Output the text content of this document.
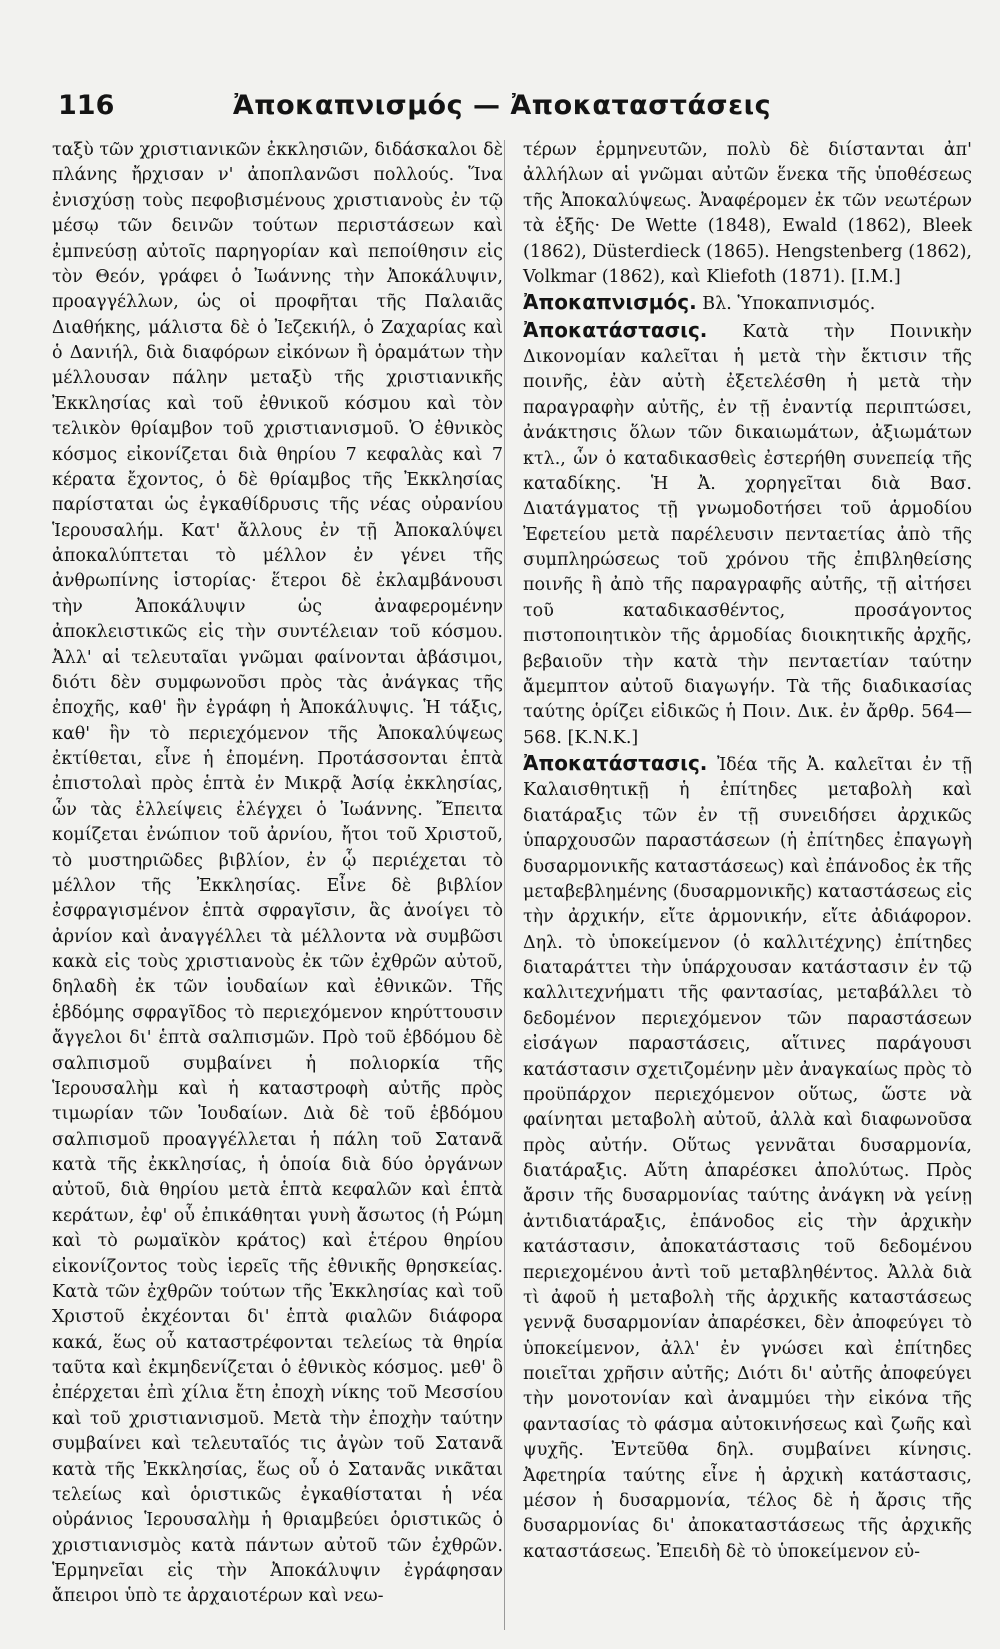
116	Ἀποκαπνισμός — Ἀποκαταστάσεις

ταξὺ τῶν χριστιανικῶν ἐκκλησιῶν, διδάσκαλοι δὲ πλάνης ἤρχισαν ν' ἀποπλανῶσι πολλούς. Ἵνα ἐνισχύσῃ τοὺς πεφοβισμένους χριστιανοὺς ἐν τῷ μέσῳ τῶν δεινῶν τούτων περιστάσεων καὶ ἐμπνεύσῃ αὐτοῖς παρηγορίαν καὶ πεποίθησιν εἰς τὸν Θεόν, γράφει ὁ Ἰωάννης τὴν Ἀποκάλυψιν, προαγγέλλων, ὡς οἱ προφῆται τῆς Παλαιᾶς Διαθήκης, μάλιστα δὲ ὁ Ἰεζεκιήλ, ὁ Ζαχαρίας καὶ ὁ Δανιήλ, διὰ διαφόρων εἰκόνων ἢ ὁραμάτων τὴν μέλλουσαν πάλην μεταξὺ τῆς χριστιανικῆς Ἐκκλησίας καὶ τοῦ ἐθνικοῦ κόσμου καὶ τὸν τελικὸν θρίαμβον τοῦ χριστιανισμοῦ. Ὁ ἐθνικὸς κόσμος εἰκονίζεται διὰ θηρίου 7 κεφαλὰς καὶ 7 κέρατα ἔχοντος, ὁ δὲ θρίαμβος τῆς Ἐκκλησίας παρίσταται ὡς ἐγκαθίδρυσις τῆς νέας οὐρανίου Ἱερουσαλήμ. Κατ' ἄλλους ἐν τῇ Ἀποκαλύψει ἀποκαλύπτεται τὸ μέλλον ἐν γένει τῆς ἀνθρωπίνης ἱστορίας· ἕτεροι δὲ ἐκλαμβάνουσι τὴν Ἀποκάλυψιν ὡς ἀναφερομένην ἀποκλειστικῶς εἰς τὴν συντέλειαν τοῦ κόσμου. Ἀλλ' αἱ τελευταῖαι γνῶμαι φαίνονται ἀβάσιμοι, διότι δὲν συμφωνοῦσι πρὸς τὰς ἀνάγκας τῆς ἐποχῆς, καθ' ἣν ἐγράφη ἡ Ἀποκάλυψις. Ἡ τάξις, καθ' ἣν τὸ περιεχόμενον τῆς Ἀποκαλύψεως ἐκτίθεται, εἶνε ἡ ἑπομένη. Προτάσσονται ἑπτὰ ἐπιστολαὶ πρὸς ἑπτὰ ἐν Μικρᾷ Ἀσίᾳ ἐκκλησίας, ὧν τὰς ἐλλείψεις ἐλέγχει ὁ Ἰωάννης. Ἔπειτα κομίζεται ἐνώπιον τοῦ ἀρνίου, ἤτοι τοῦ Χριστοῦ, τὸ μυστηριῶδες βιβλίον, ἐν ᾧ περιέχεται τὸ μέλλον τῆς Ἐκκλησίας. Εἶνε δὲ βιβλίον ἐσφραγισμένον ἑπτὰ σφραγῖσιν, ἃς ἀνοίγει τὸ ἀρνίον καὶ ἀναγγέλλει τὰ μέλλοντα νὰ συμβῶσι κακὰ εἰς τοὺς χριστιανοὺς ἐκ τῶν ἐχθρῶν αὐτοῦ, δηλαδὴ ἐκ τῶν ἰουδαίων καὶ ἐθνικῶν. Τῆς ἑβδόμης σφραγῖδος τὸ περιεχόμενον κηρύττουσιν ἄγγελοι δι' ἑπτὰ σαλπισμῶν. Πρὸ τοῦ ἑβδόμου δὲ σαλπισμοῦ συμβαίνει ἡ πολιορκία τῆς Ἱερουσαλὴμ καὶ ἡ καταστροφὴ αὐτῆς πρὸς τιμωρίαν τῶν Ἰουδαίων. Διὰ δὲ τοῦ ἑβδόμου σαλπισμοῦ προαγγέλλεται ἡ πάλη τοῦ Σατανᾶ κατὰ τῆς ἐκκλησίας, ἡ ὁποία διὰ δύο ὀργάνων αὐτοῦ, διὰ θηρίου μετὰ ἑπτὰ κεφαλῶν καὶ ἑπτὰ κεράτων, ἐφ' οὗ ἐπικάθηται γυνὴ ἄσωτος (ἡ Ρώμη καὶ τὸ ρωμαϊκὸν κράτος) καὶ ἑτέρου θηρίου εἰκονίζοντος τοὺς ἱερεῖς τῆς ἐθνικῆς θρησκείας. Κατὰ τῶν ἐχθρῶν τούτων τῆς Ἐκκλησίας καὶ τοῦ Χριστοῦ ἐκχέονται δι' ἑπτὰ φιαλῶν διάφορα κακά, ἕως οὗ καταστρέφονται τελείως τὰ θηρία ταῦτα καὶ ἐκμηδενίζεται ὁ ἐθνικὸς κόσμος. μεθ' ὃ ἐπέρχεται ἐπὶ χίλια ἔτη ἐποχὴ νίκης τοῦ Μεσσίου καὶ τοῦ χριστιανισμοῦ. Μετὰ τὴν ἐποχὴν ταύτην συμβαίνει καὶ τελευταῖός τις ἀγὼν τοῦ Σατανᾶ κατὰ τῆς Ἐκκλησίας, ἕως οὗ ὁ Σατανᾶς νικᾶται τελείως καὶ ὁριστικῶς ἐγκαθίσταται ἡ νέα οὐράνιος Ἱερουσαλὴμ ἡ θριαμβεύει ὁριστικῶς ὁ χριστιανισμὸς κατὰ πάντων αὐτοῦ τῶν ἐχθρῶν. Ἑρμηνεῖαι εἰς τὴν Ἀποκάλυψιν ἐγράφησαν ἄπειροι ὑπὸ τε ἀρχαιοτέρων καὶ νεω-

τέρων ἑρμηνευτῶν, πολὺ δὲ διίστανται ἀπ' ἀλλήλων αἱ γνῶμαι αὐτῶν ἕνεκα τῆς ὑποθέσεως τῆς Ἀποκαλύψεως. Ἀναφέρομεν ἐκ τῶν νεωτέρων τὰ ἑξῆς· De Wette (1848), Ewald (1862), Bleek (1862), Düsterdieck (1865). Hengstenberg (1862), Volkmar (1862), καὶ Kliefoth (1871). [I.M.]

Ἀποκαπνισμός. Βλ. Ὑποκαπνισμός.

Ἀποκατάστασις. Κατὰ τὴν Ποινικὴν Δικονομίαν καλεῖται ἡ μετὰ τὴν ἔκτισιν τῆς ποινῆς, ἐὰν αὐτὴ ἐξετελέσθη ἡ μετὰ τὴν παραγραφὴν αὐτῆς, ἐν τῇ ἐναντίᾳ περιπτώσει, ἀνάκτησις ὅλων τῶν δικαιωμάτων, ἀξιωμάτων κτλ., ὧν ὁ καταδικασθεὶς ἐστερήθη συνεπείᾳ τῆς καταδίκης. Ἡ Ἀ. χορηγεῖται διὰ Βασ. Διατάγματος τῇ γνωμοδοτήσει τοῦ ἁρμοδίου Ἐφετείου μετὰ παρέλευσιν πενταετίας ἀπὸ τῆς συμπληρώσεως τοῦ χρόνου τῆς ἐπιβληθείσης ποινῆς ἢ ἀπὸ τῆς παραγραφῆς αὐτῆς, τῇ αἰτήσει τοῦ καταδικασθέντος, προσάγοντος πιστοποιητικὸν τῆς ἁρμοδίας διοικητικῆς ἀρχῆς, βεβαιοῦν τὴν κατὰ τὴν πενταετίαν ταύτην ἄμεμπτον αὐτοῦ διαγωγήν. Τὰ τῆς διαδικασίας ταύτης ὁρίζει εἰδικῶς ἡ Ποιν. Δικ. ἐν ἄρθρ. 564—568. [K.N.K.]

Ἀποκατάστασις. Ἰδέα τῆς Ἀ. καλεῖται ἐν τῇ Καλαισθητικῇ ἡ ἐπίτηδες μεταβολὴ καὶ διατάραξις τῶν ἐν τῇ συνειδήσει ἀρχικῶς ὑπαρχουσῶν παραστάσεων (ἡ ἐπίτηδες ἐπαγωγὴ δυσαρμονικῆς καταστάσεως) καὶ ἐπάνοδος ἐκ τῆς μεταβεβλημένης (δυσαρμονικῆς) καταστάσεως εἰς τὴν ἀρχικήν, εἴτε ἁρμονικήν, εἴτε ἀδιάφορον. Δηλ. τὸ ὑποκείμενον (ὁ καλλιτέχνης) ἐπίτηδες διαταράττει τὴν ὑπάρχουσαν κατάστασιν ἐν τῷ καλλιτεχνήματι τῆς φαντασίας, μεταβάλλει τὸ δεδομένον περιεχόμενον τῶν παραστάσεων εἰσάγων παραστάσεις, αἵτινες παράγουσι κατάστασιν σχετιζομένην μὲν ἀναγκαίως πρὸς τὸ προϋπάρχον περιεχόμενον οὕτως, ὥστε νὰ φαίνηται μεταβολὴ αὐτοῦ, ἀλλὰ καὶ διαφωνοῦσα πρὸς αὐτήν. Οὕτως γεννᾶται δυσαρμονία, διατάραξις. Αὕτη ἀπαρέσκει ἀπολύτως. Πρὸς ἄρσιν τῆς δυσαρμονίας ταύτης ἀνάγκη νὰ γείνῃ ἀντιδιατάραξις, ἐπάνοδος εἰς τὴν ἀρχικὴν κατάστασιν, ἀποκατάστασις τοῦ δεδομένου περιεχομένου ἀντὶ τοῦ μεταβληθέντος. Ἀλλὰ διὰ τὶ ἀφοῦ ἡ μεταβολὴ τῆς ἀρχικῆς καταστάσεως γεννᾷ δυσαρμονίαν ἀπαρέσκει, δὲν ἀποφεύγει τὸ ὑποκείμενον, ἀλλ' ἐν γνώσει καὶ ἐπίτηδες ποιεῖται χρῆσιν αὐτῆς; Διότι δι' αὐτῆς ἀποφεύγει τὴν μονοτονίαν καὶ ἀναμμύει τὴν εἰκόνα τῆς φαντασίας τὸ φάσμα αὐτοκινήσεως καὶ ζωῆς καὶ ψυχῆς. Ἐντεῦθα δηλ. συμβαίνει κίνησις. Ἀφετηρία ταύτης εἶνε ἡ ἀρχικὴ κατάστασις, μέσον ἡ δυσαρμονία, τέλος δὲ ἡ ἄρσις τῆς δυσαρμονίας δι' ἀποκαταστάσεως τῆς ἀρχικῆς καταστάσεως. Ἐπειδὴ δὲ τὸ ὑποκείμενον εὐ-
